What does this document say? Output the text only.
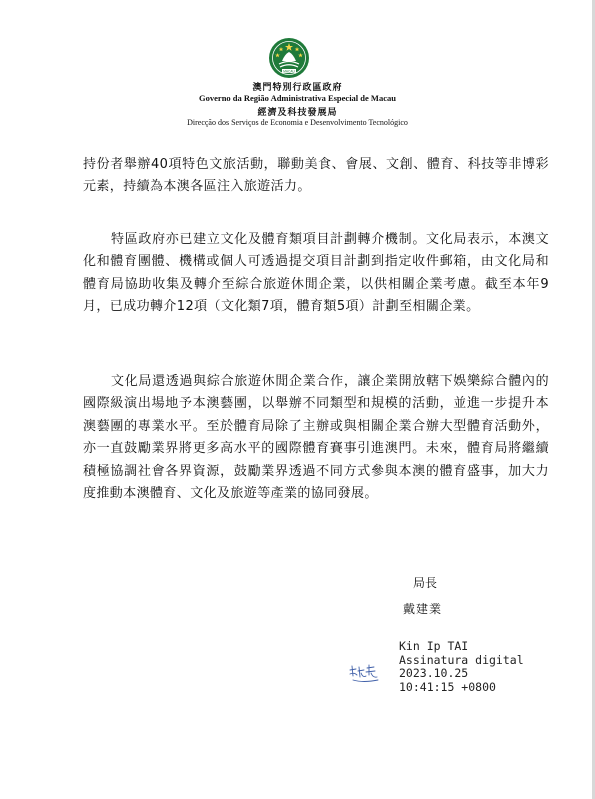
MACAU
澳門特別行政區政府
Governo da Região Administrativa Especial de Macau
經濟及科技發展局
Direcção dos Serviços de Economia e Desenvolvimento Tecnológico
持份者舉辦40項特色文旅活動，聯動美食、會展、文創、體育、科技等非博彩元素，持續為本澳各區注入旅遊活力。
特區政府亦已建立文化及體育類項目計劃轉介機制。文化局表示，本澳文化和體育團體、機構或個人可透過提交項目計劃到指定收件郵箱，由文化局和體育局協助收集及轉介至綜合旅遊休閒企業，以供相關企業考慮。截至本年9月，已成功轉介12項（文化類7項，體育類5項）計劃至相關企業。
文化局還透過與綜合旅遊休閒企業合作，讓企業開放轄下娛樂綜合體內的國際級演出場地予本澳藝團，以舉辦不同類型和規模的活動，並進一步提升本澳藝團的專業水平。至於體育局除了主辦或與相關企業合辦大型體育活動外，亦一直鼓勵業界將更多高水平的國際體育賽事引進澳門。未來，體育局將繼續積極協調社會各界資源，鼓勵業界透過不同方式參與本澳的體育盛事，加大力度推動本澳體育、文化及旅遊等產業的協同發展。
局長
戴建業
Kin Ip TAI
Assinatura digital
2023.10.25
10:41:15 +0800
